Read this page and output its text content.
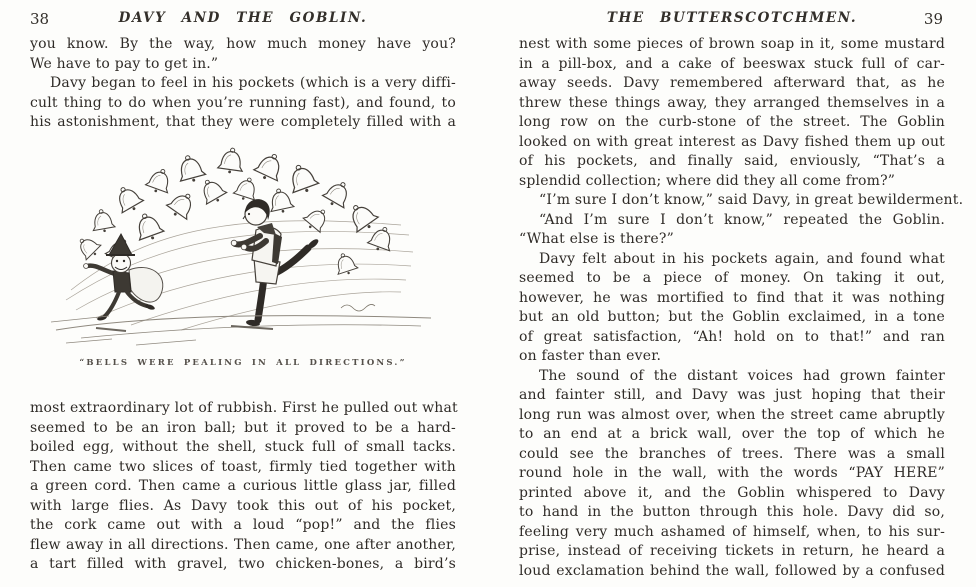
38	DAVY AND THE GOBLIN.
you know. By the way, how much money have you?
We have to pay to get in.”
Davy began to feel in his pockets (which is a very diffi-
cult thing to do when you’re running fast), and found, to
his astonishment, that they were completely filled with a
“BELLS WERE PEALING IN ALL DIRECTIONS.”
most extraordinary lot of rubbish. First he pulled out what
seemed to be an iron ball; but it proved to be a hard-
boiled egg, without the shell, stuck full of small tacks.
Then came two slices of toast, firmly tied together with
a green cord. Then came a curious little glass jar, filled
with large flies. As Davy took this out of his pocket,
the cork came out with a loud “pop!” and the flies
flew away in all directions. Then came, one after another,
a tart filled with gravel, two chicken-bones, a bird’s
THE BUTTERSCOTCHMEN.	39
nest with some pieces of brown soap in it, some mustard
in a pill-box, and a cake of beeswax stuck full of car-
away seeds. Davy remembered afterward that, as he
threw these things away, they arranged themselves in a
long row on the curb-stone of the street. The Goblin
looked on with great interest as Davy fished them up out
of his pockets, and finally said, enviously, “That’s a
splendid collection; where did they all come from?”
“I’m sure I don’t know,” said Davy, in great bewilderment.
“And I’m sure I don’t know,” repeated the Goblin.
“What else is there?”
Davy felt about in his pockets again, and found what
seemed to be a piece of money. On taking it out,
however, he was mortified to find that it was nothing
but an old button; but the Goblin exclaimed, in a tone
of great satisfaction, “Ah! hold on to that!” and ran
on faster than ever.
The sound of the distant voices had grown fainter
and fainter still, and Davy was just hoping that their
long run was almost over, when the street came abruptly
to an end at a brick wall, over the top of which he
could see the branches of trees. There was a small
round hole in the wall, with the words “PAY HERE”
printed above it, and the Goblin whispered to Davy
to hand in the button through this hole. Davy did so,
feeling very much ashamed of himself, when, to his sur-
prise, instead of receiving tickets in return, he heard a
loud exclamation behind the wall, followed by a confused
